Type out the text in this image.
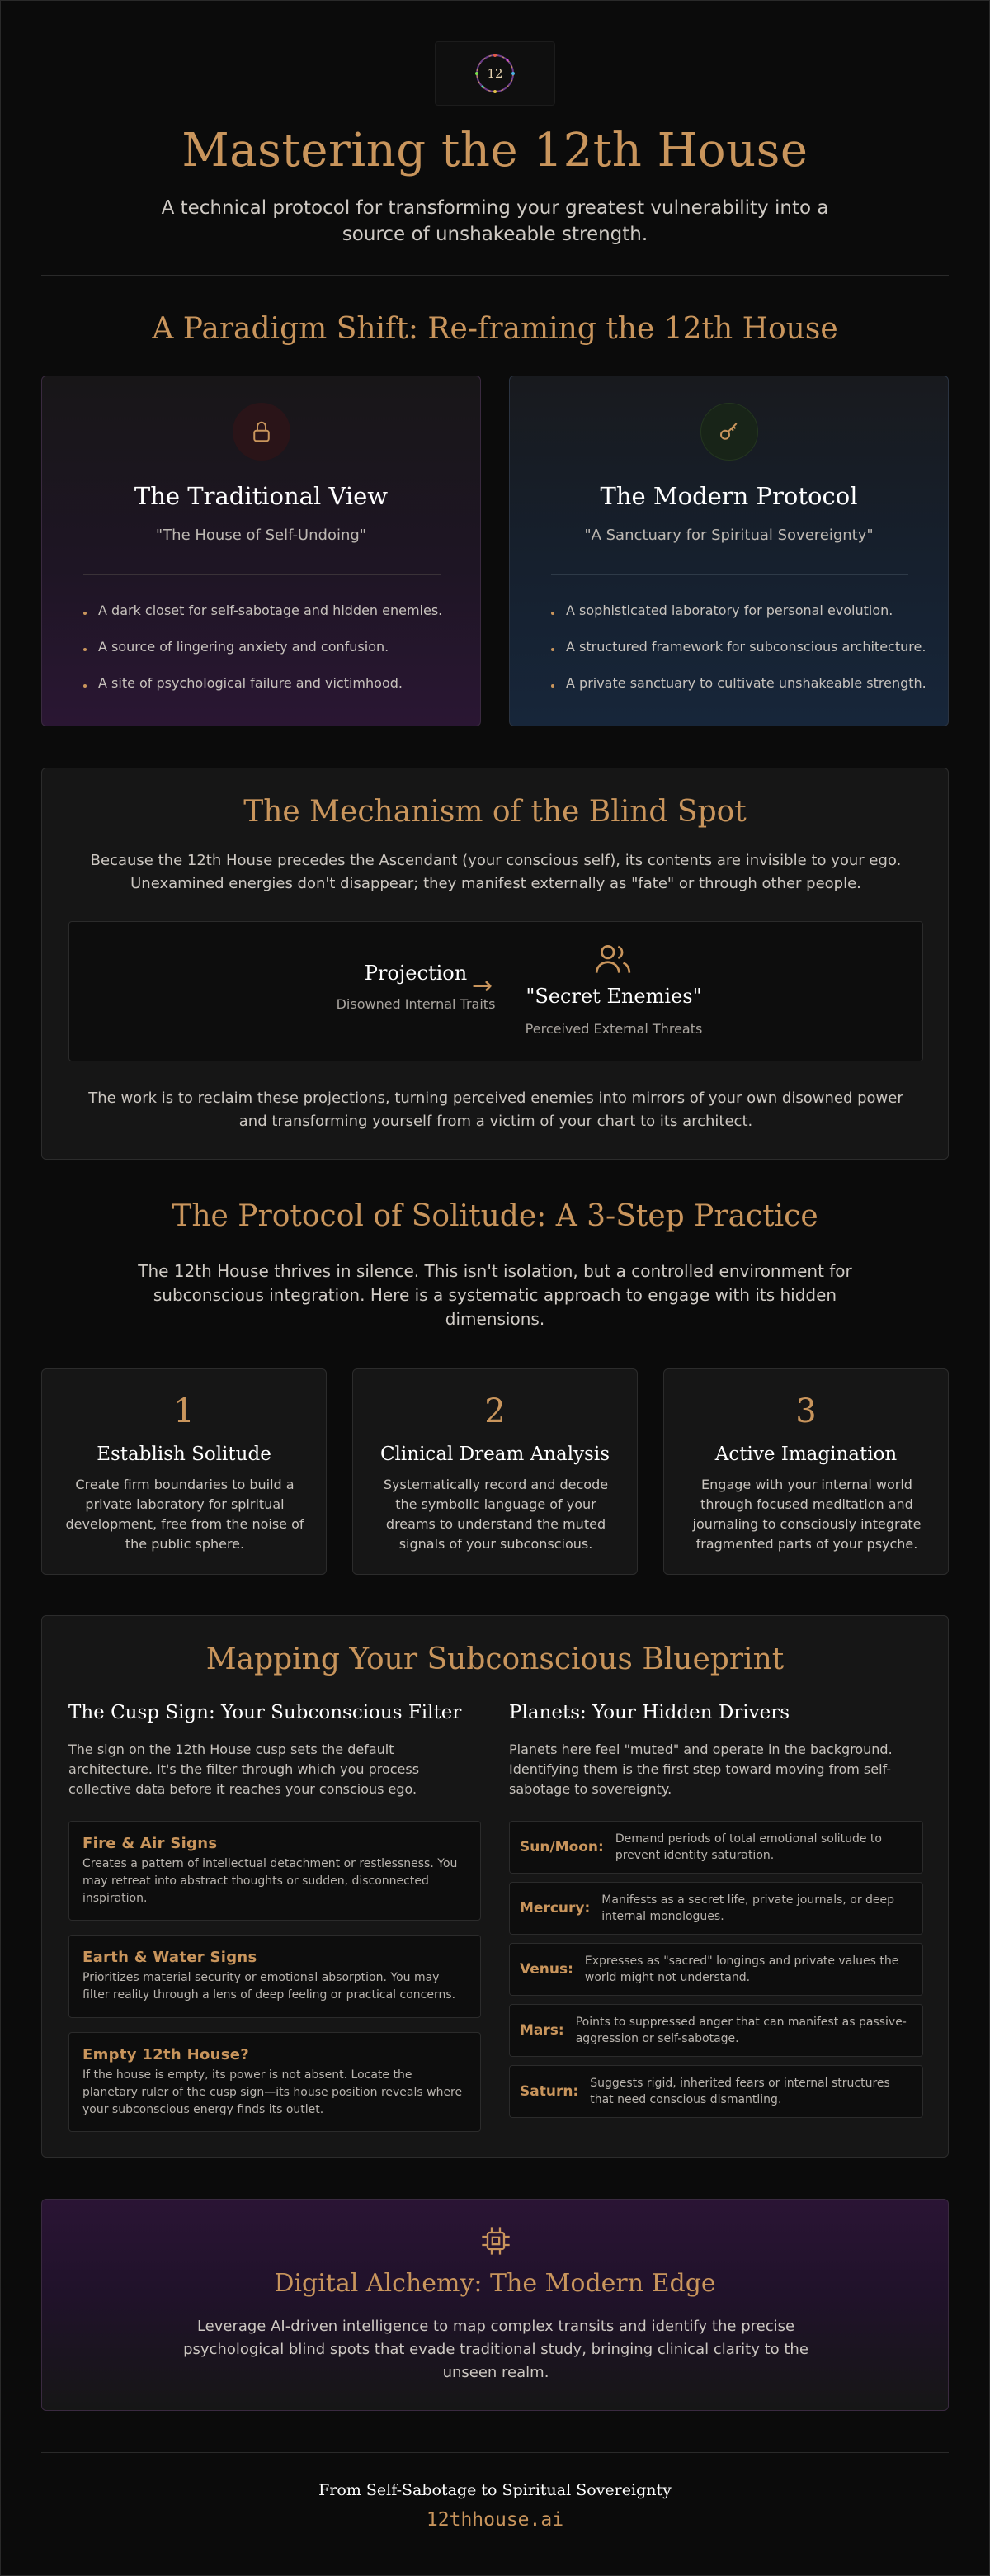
12
Mastering the 12th House
A technical protocol for transforming your greatest vulnerability into a source of unshakeable strength.
A Paradigm Shift: Re-framing the 12th House
The Traditional View
"The House of Self-Undoing"
A dark closet for self-sabotage and hidden enemies.
A source of lingering anxiety and confusion.
A site of psychological failure and victimhood.
The Modern Protocol
"A Sanctuary for Spiritual Sovereignty"
A sophisticated laboratory for personal evolution.
A structured framework for subconscious architecture.
A private sanctuary to cultivate unshakeable strength.
The Mechanism of the Blind Spot
Because the 12th House precedes the Ascendant (your conscious self), its contents are invisible to your ego. Unexamined energies don't disappear; they manifest externally as "fate" or through other people.
Projection
Disowned Internal Traits
→	"Secret Enemies"
Perceived External Threats
The work is to reclaim these projections, turning perceived enemies into mirrors of your own disowned power and transforming yourself from a victim of your chart to its architect.
The Protocol of Solitude: A 3-Step Practice
The 12th House thrives in silence. This isn't isolation, but a controlled environment for subconscious integration. Here is a systematic approach to engage with its hidden dimensions.
1
Establish Solitude
Create firm boundaries to build a private laboratory for spiritual development, free from the noise of the public sphere.
2
Clinical Dream Analysis
Systematically record and decode the symbolic language of your dreams to understand the muted signals of your subconscious.
3
Active Imagination
Engage with your internal world through focused meditation and journaling to consciously integrate fragmented parts of your psyche.
Mapping Your Subconscious Blueprint
The Cusp Sign: Your Subconscious Filter
The sign on the 12th House cusp sets the default architecture. It's the filter through which you process collective data before it reaches your conscious ego.
Fire & Air Signs
Creates a pattern of intellectual detachment or restlessness. You may retreat into abstract thoughts or sudden, disconnected inspiration.
Earth & Water Signs
Prioritizes material security or emotional absorption. You may filter reality through a lens of deep feeling or practical concerns.
Empty 12th House?
If the house is empty, its power is not absent. Locate the planetary ruler of the cusp sign—its house position reveals where your subconscious energy finds its outlet.
Planets: Your Hidden Drivers
Planets here feel "muted" and operate in the background. Identifying them is the first step toward moving from self-sabotage to sovereignty.
Sun/Moon: Demand periods of total emotional solitude to prevent identity saturation.
Mercury: Manifests as a secret life, private journals, or deep internal monologues.
Venus: Expresses as "sacred" longings and private values the world might not understand.
Mars: Points to suppressed anger that can manifest as passive-aggression or self-sabotage.
Saturn: Suggests rigid, inherited fears or internal structures that need conscious dismantling.
Digital Alchemy: The Modern Edge
Leverage AI-driven intelligence to map complex transits and identify the precise psychological blind spots that evade traditional study, bringing clinical clarity to the unseen realm.
From Self-Sabotage to Spiritual Sovereignty
12thhouse.ai
